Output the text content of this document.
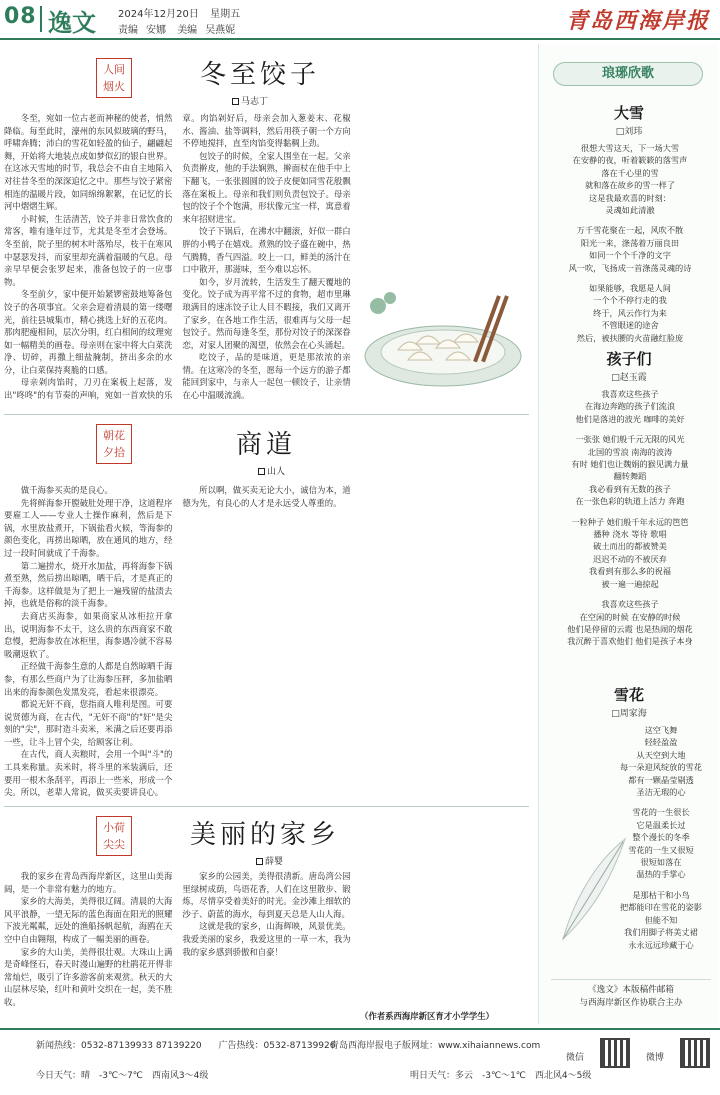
08 逸文 2024年12月20日 星期五
责编 安娜 美编 吴燕妮	青岛西海岸报
人间
烟火	冬至饺子
马志丁

冬至，宛如一位古老而神秘的使者，悄然降临。每至此时，濠州的东风似玻璃的野马，呼啸奔腾；沛白的雪花如轻盈的仙子，翩翩起舞，开始将大地装点成如梦似幻的银白世界。在这冰天雪地的时节，我总会不由自主地陷入对往昔冬至的深深追忆之中。那些与饺子紧密相连的温暖片段，如同绵绵絮絮，在记忆的长河中熠熠生辉。

小时候，生活清苦，饺子并非日常饮食的常客，唯有逢年过节，尤其是冬至才会登场。冬至前，院子里的树木叶落殆尽，枝干在寒风中瑟瑟发抖，而家里却充满着温暖的气息。母亲早早便会张罗起来，准备包饺子的一应事物。

冬至前夕，家中便开始紧锣密鼓地筹备包饺子的各项事宜。父亲会迎着清晨的第一缕曙光，前往县城集市，精心挑选上好的五花肉。那肉肥瘦相间，层次分明，红白相间的纹理宛如一幅精美的画卷。母亲则在家中将大白菜洗净、切碎，再撒上细盐腌制，挤出多余的水分，让白菜保持爽脆的口感。

母亲剁肉馅时，刀刃在案板上起落，发出"咚咚"的有节奏的声响，宛如一首欢快的乐章。肉馅剁好后，母亲会加入葱姜末、花椒水、酱油、盐等调料，然后用筷子朝一个方向不停地搅拌，直至肉馅变得黏稠上劲。

包饺子的时候，全家人围坐在一起。父亲负责擀皮，他的手法娴熟，擀面杖在他手中上下翻飞，一张张圆圆的饺子皮便如同雪花般飘落在案板上。母亲和我们则负责包饺子。母亲包的饺子个个饱满，形状像元宝一样，寓意着来年招财进宝。

饺子下锅后，在沸水中翻滚，好似一群白胖的小鸭子在嬉戏。煮熟的饺子盛在碗中，热气腾腾，香气四溢。咬上一口，鲜美的汤汁在口中散开，那滋味，至今难以忘怀。

如今，岁月流转，生活发生了翻天覆地的变化。饺子成为再平常不过的食物，超市里琳琅满目的速冻饺子让人目不暇接，我们又离开了家乡，在各地工作生活，很难再与父母一起包饺子。然而每逢冬至，那份对饺子的深深眷恋，对家人团聚的渴望，依然会在心头涌起。

吃饺子，品的是味道，更是那浓浓的亲情。在这寒冷的冬至，愿每一个远方的游子都能回到家中，与亲人一起包一顿饺子，让亲情在心中温暖流淌。

朝花
夕拾	商道
山人

做千海参买卖的是良心。

先将鲜海参开膛破肚处理干净，这道程序要雇工人——专业人士操作麻利，然后是下锅，水里放盐煮开，下锅盐看火候，等海参的颜色变化，再捞出晾晒，放在通风的地方，经过一段时间就成了千海参。

第二遍捞水，烧开水加盐，再将海参下锅煮至熟，然后捞出晾晒，晒干后，才是真正的千海参。这样做是为了把上一遍残留的盐渍去掉，也就是俗称的淡千海参。

去商店买海参，如果商家从冰柜拉开拿出，说明海参不太干，这么贵的东西商家不敢怠慢，把海参放在冰柜里，海参遇冷就不容易吸潮返软了。

正经做千海参生意的人都是自然晾晒千海参，有那么些商户为了让海参压秤，多加盐晒出来的海参颜色发黑发亮，看起来很漂亮。

都说无奸不商，您指商人唯利是图。可要说贤德为商，在古代，"无奸不商"的"奸"是尖刻的"尖"，那时造斗卖米，米满之后还要再添一些，让斗上冒个尖，给顾客让利。

在古代，商人卖粮时，会用一个叫"斗"的工具来称量。卖米时，将斗里的米装满后，还要用一根木条刮平，再添上一些米，形成一个尖。所以，老辈人常说，做买卖要讲良心。

所以啊，做买卖无论大小，诚信为本，道德为先，有良心的人才是永远受人尊重的。

小荷
尖尖	美丽的家乡
薛婴

我的家乡在青岛西海岸新区，这里山美海阔，是一个非常有魅力的地方。

家乡的大海美，美得很辽阔。清晨的大海风平浪静，一望无际的蓝色海面在阳光的照耀下波光粼粼，远处的渔船扬帆起航，海鸥在天空中自由翱翔，构成了一幅美丽的画卷。

家乡的大山美，美得很壮观。大珠山上满是奇峰怪石，春天时漫山遍野的杜鹃花开得非常灿烂，吸引了许多游客前来观赏。秋天的大山层林尽染，红叶和黄叶交织在一起，美不胜收。

家乡的公园美，美得很清新。唐岛湾公园里绿树成荫，鸟语花香，人们在这里散步、锻炼，尽情享受着美好的时光。金沙滩上细软的沙子、蔚蓝的海水，每到夏天总是人山人海。

这就是我的家乡，山海辉映，风景优美。我爱美丽的家乡，我爱这里的一草一木，我为我的家乡感到骄傲和自豪！

（作者系西海岸新区育才小学学生）
琅琊欣歌
大雪
□刘玮
很想大雪这天，下一场大雪
在安静的夜，听着簌簌的落雪声
落在千心里的雪
就和落在故乡的雪一样了
这是我最欢喜的时刻：
灵魂如此清澈
万千雪花聚在一起，风吹不散
阳光一来，涤荡着万丽良田
如同一个个千净的文字
风一吹，飞扬成一首涤荡灵魂的诗
如果能够，我愿是人间
一个个不停行走的我
终于，风云作行为来
不管眼迷的途舍
然后，被扶腰的火苗融红脸庞
孩子们
□赵玉霞
我喜欢这些孩子
在海边奔跑的孩子们流浪
他们是落进的波光 咖啡的美好
一张张 她们般千元无限的风光
北国的雪浪 南海的波涛
有时 她们也让魏娟的猴见满力量
翻转舞蹈
我必看到有无数的孩子
在一张色彩的轨道上活力 奔跑
一粒种子 她们般千年永远的笆笆
播种 浇水 等待 歌唱
破土而出的都被赞美
迟迟不动的不被厌弃
我看到有那么多的祝福
被一遍一遍掠起
我喜欢这些孩子
在空闲的时候 在安静的时候
他们是停留的云霞 也是热闹的烟花
我沉醉于喜欢他们 他们是孩子本身
雪花
□周家海
这空飞舞
轻轻盈盈
从天空到大地
每一朵迎风绽放的雪花
都有一颗晶莹剔透
圣洁无瑕的心
雪花的一生很长
它是温柔长过
整个漫长的冬季
雪花的一生又很短
很短如落在
温热的手掌心
是那枯干和小鸟
把都能印在雪花的姿影
但能不知
我们用脚子将美丈裙
永永远远珍藏于心
《逸文》本版稿件邮箱
与西海岸新区作协联合主办
新闻热线：0532-87139933 87139220 广告热线：0532-87139926
青岛西海岸报电子版网址：www.xihaiannews.com
今日天气：晴　-3℃～7℃　西南风3～4级	明日天气：多云　-3℃～1℃　西北风4～5级
微信	微博
